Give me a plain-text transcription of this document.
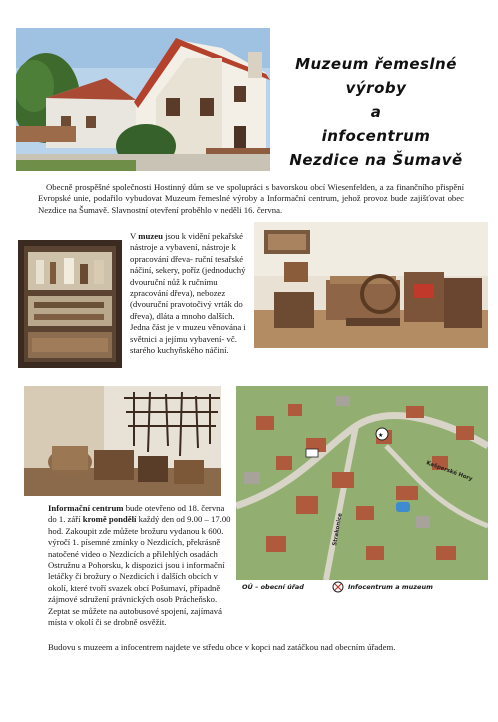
Muzeum řemeslné
výroby
a
infocentrum
Nezdice na Šumavě

Obecně prospěšné společnosti Hostinný dům se ve spolupráci s bavorskou obcí Wiesenfelden, a za finančního přispění Evropské unie, podařilo vybudovat Muzeum řemeslné výroby a Informační centrum, jehož provoz bude zajišťovat obec Nezdice na Šumavě. Slavnostní otevření proběhlo v neděli 16. června.

V muzeu jsou k vidění pekařské nástroje a vybavení, nástroje k opracování dřeva- ruční tesařské náčiní, sekery, poříz (jednoduchý dvouruční nůž k ručnímu zpracování dřeva), nebozez (dvouruční pravotočivý vrták do dřeva), dláta a mnoho dalších. Jedna část je v muzeu věnována i světnici a jejímu vybavení- vč. starého kuchyňského náčiní.

Informační centrum bude otevřeno od 18. června do 1. září kromě pondělí každý den od 9.00 – 17.00 hod. Zakoupit zde můžete brožuru vydanou k 600. výročí 1. písemné zmínky o Nezdicích, překrásně natočené video o Nezdicích a přilehlých osadách Ostružnu a Pohorsku, k dispozici jsou i informační letáčky či brožury o Nezdicích i dalších obcích v okolí, které tvoří svazek obcí Pošumaví, případně zájmové sdružení právnických osob Prácheňsko. Zeptat se můžete na autobusové spojení, zajímavá místa v okolí či se drobně osvěžit.

★
Kašperské Hory
Strakonice
OÚ – obecní úřad	Infocentrum a muzeum

Budovu s muzeem a infocentrem najdete ve středu obce v kopci nad zatáčkou nad obecním úřadem.
